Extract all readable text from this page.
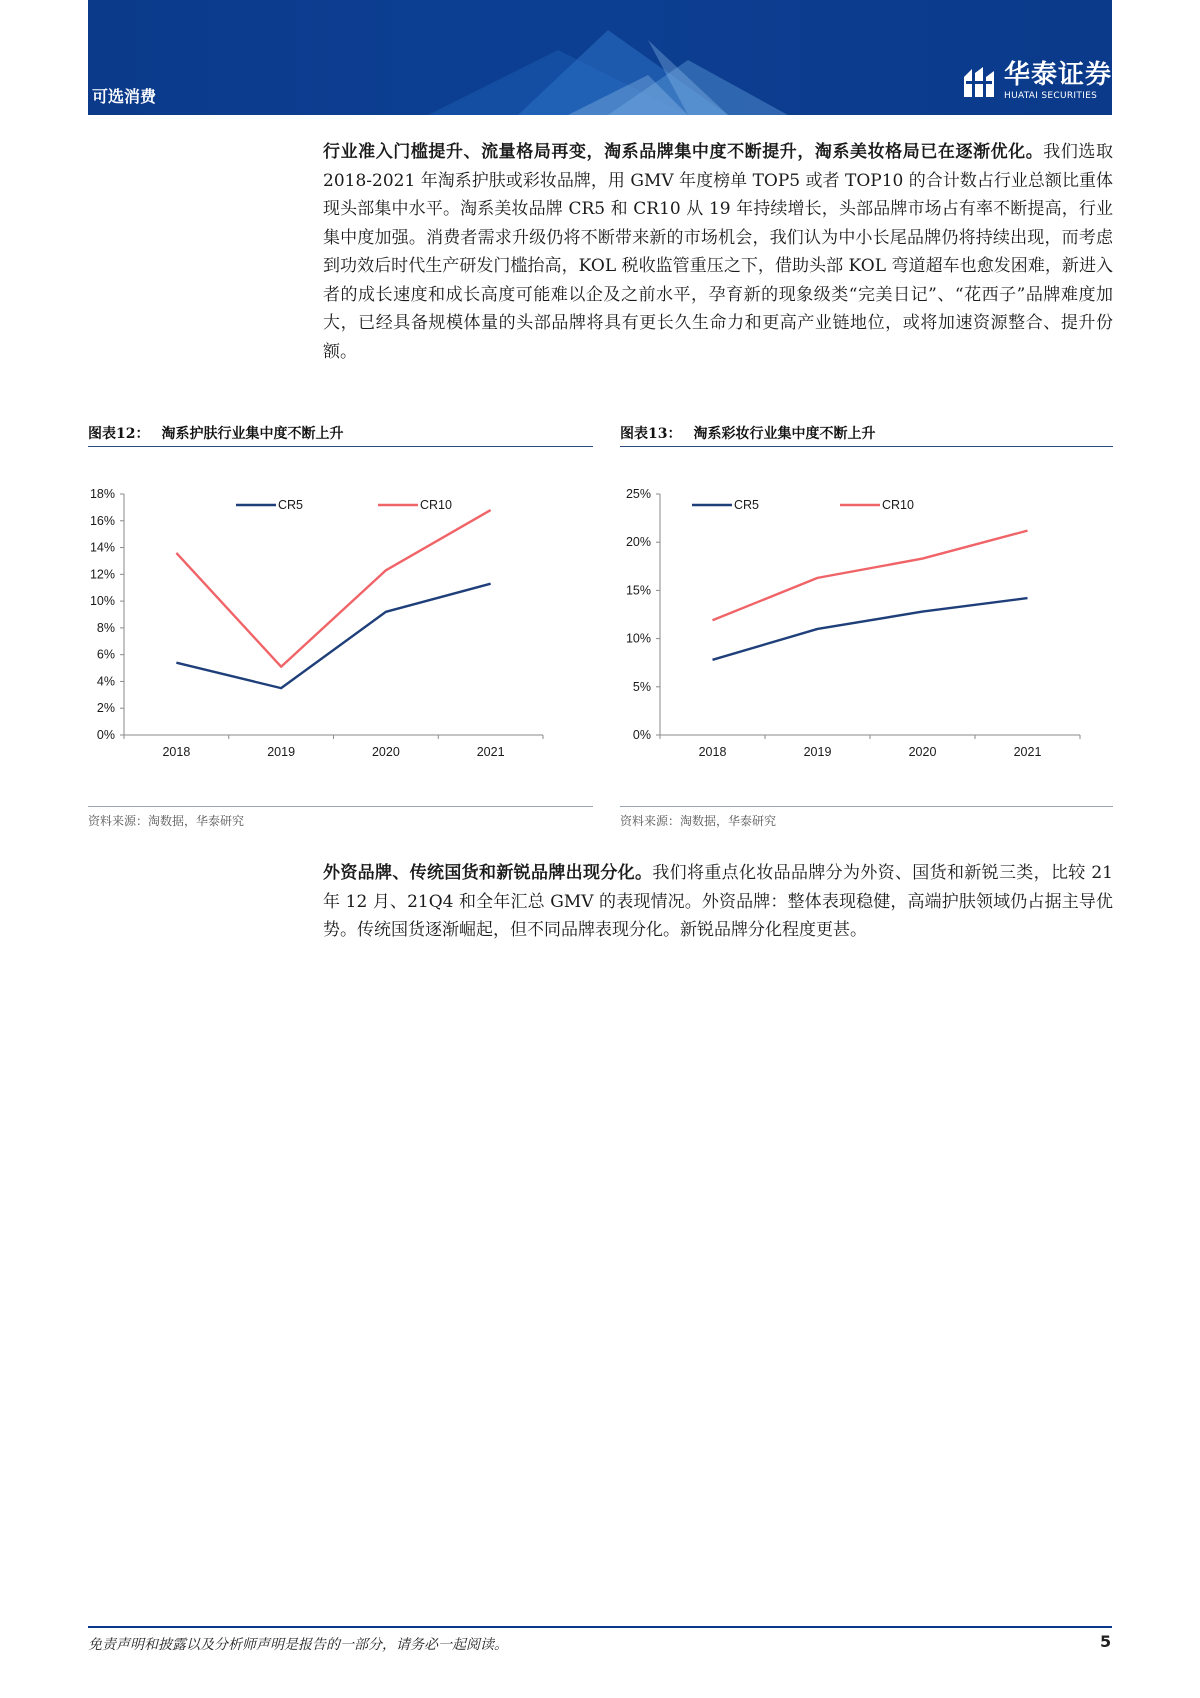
可选消费
华泰证券
HUATAI SECURITIES
行业准入门槛提升、流量格局再变，淘系品牌集中度不断提升，淘系美妆格局已在逐渐优化。我们选取 2018-2021 年淘系护肤或彩妆品牌，用 GMV 年度榜单 TOP5 或者 TOP10 的合计数占行业总额比重体现头部集中水平。淘系美妆品牌 CR5 和 CR10 从 19 年持续增长，头部品牌市场占有率不断提高，行业集中度加强。消费者需求升级仍将不断带来新的市场机会，我们认为中小长尾品牌仍将持续出现，而考虑到功效后时代生产研发门槛抬高，KOL 税收监管重压之下，借助头部 KOL 弯道超车也愈发困难，新进入者的成长速度和成长高度可能难以企及之前水平，孕育新的现象级类“完美日记”、“花西子”品牌难度加大，已经具备规模体量的头部品牌将具有更长久生命力和更高产业链地位，或将加速资源整合、提升份额。
图表12： 淘系护肤行业集中度不断上升	图表13： 淘系彩妆行业集中度不断上升
0%
2%
4%
6%
8%
10%
12%
14%
16%
18%
2018	2019	2020	2021
CR5	CR10
0%
5%
10%
15%
20%
25%
2018	2019	2020	2021
CR5	CR10
资料来源：淘数据，华泰研究	资料来源：淘数据，华泰研究
外资品牌、传统国货和新锐品牌出现分化。我们将重点化妆品品牌分为外资、国货和新锐三类，比较 21 年 12 月、21Q4 和全年汇总 GMV 的表现情况。外资品牌：整体表现稳健，高端护肤领域仍占据主导优势。传统国货逐渐崛起，但不同品牌表现分化。新锐品牌分化程度更甚。
免责声明和披露以及分析师声明是报告的一部分，请务必一起阅读。	5
